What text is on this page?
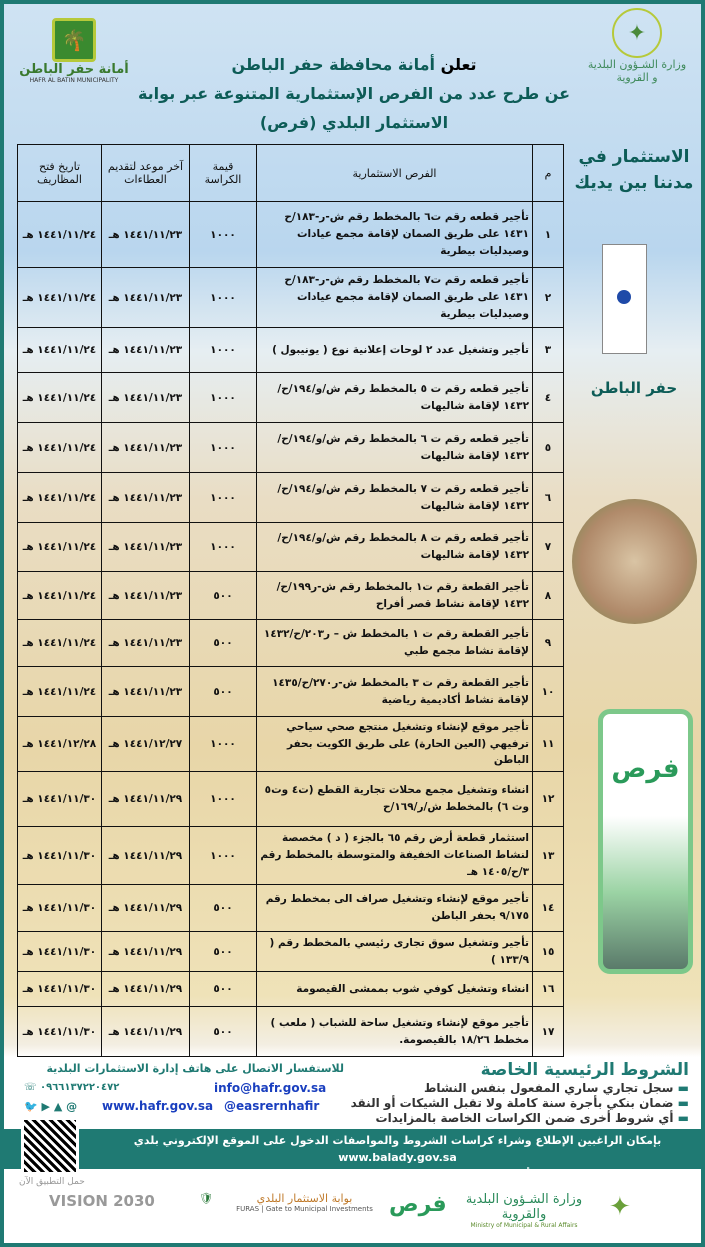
🌴
أمانة حفر الباطن
HAFR AL BATIN MUNICIPALITY
✦
وزارة الشـؤون البلدية و القروية
تعلن أمانة محافظة حفر الباطن
عن طرح عدد من الفرص الإستثمارية المتنوعة عبر بوابة
الاستثمار البلدي (فرص)
م	الفرص الاستثمارية	قيمة الكراسة	آخر موعد لتقديم العطاءات	تاريخ فتح المظاريف
١	تأجير قطعه رقم ت٦ بالمخطط رقم ش-ر-١٨٣/ح ١٤٣١ على طريق الصمان لإقامة مجمع عيادات وصيدليات بيطرية	١٠٠٠	١٤٤١/١١/٢٣ هـ	١٤٤١/١١/٢٤ هـ
٢	تأجير قطعه رقم ت٧ بالمخطط رقم ش-ر-١٨٣/ح ١٤٣١ على طريق الصمان لإقامة مجمع عيادات وصيدليات بيطرية	١٠٠٠	١٤٤١/١١/٢٣ هـ	١٤٤١/١١/٢٤ هـ
٣	تأجير وتشغيل عدد ٢ لوحات إعلانية نوع ( يونيبول )	١٠٠٠	١٤٤١/١١/٢٣ هـ	١٤٤١/١١/٢٤ هـ
٤	تأجير قطعه رقم ت ٥ بالمخطط رقم ش/و/١٩٤/ح/١٤٣٢ لإقامة شاليهات	١٠٠٠	١٤٤١/١١/٢٣ هـ	١٤٤١/١١/٢٤ هـ
٥	تأجير قطعه رقم ت ٦ بالمخطط رقم ش/و/١٩٤/ح/١٤٣٢ لإقامة شاليهات	١٠٠٠	١٤٤١/١١/٢٣ هـ	١٤٤١/١١/٢٤ هـ
٦	تأجير قطعه رقم ت ٧ بالمخطط رقم ش/و/١٩٤/ح/١٤٣٢ لإقامة شاليهات	١٠٠٠	١٤٤١/١١/٢٣ هـ	١٤٤١/١١/٢٤ هـ
٧	تأجير قطعه رقم ت ٨ بالمخطط رقم ش/و/١٩٤/ح/١٤٣٢ لإقامة شاليهات	١٠٠٠	١٤٤١/١١/٢٣ هـ	١٤٤١/١١/٢٤ هـ
٨	تأجير القطعة رقم ت١ بالمخطط رقم ش-ر١٩٩/ح/١٤٣٢ لإقامة نشاط قصر أفراح	٥٠٠	١٤٤١/١١/٢٣ هـ	١٤٤١/١١/٢٤ هـ
٩	تأجير القطعة رقم ت ١ بالمخطط ش – ر٢٠٣/ح/١٤٣٢ لإقامة نشاط مجمع طبي	٥٠٠	١٤٤١/١١/٢٣ هـ	١٤٤١/١١/٢٤ هـ
١٠	تأجير القطعة رقم ت ٣ بالمخطط ش-ر٢٧٠/ح/١٤٣٥ لإقامة نشاط أكاديمية رياضية	٥٠٠	١٤٤١/١١/٢٣ هـ	١٤٤١/١١/٢٤ هـ
١١	تأجير موقع لإنشاء وتشغيل منتجع صحي سياحي ترفيهي (العين الحارة) على طريق الكويت بحفر الباطن	١٠٠٠	١٤٤١/١٢/٢٧ هـ	١٤٤١/١٢/٢٨ هـ
١٢	انشاء وتشغيل مجمع محلات تجارية القطع (ت٤ وت٥ وت ٦) بالمخطط ش/ر/١٦٩/ح	١٠٠٠	١٤٤١/١١/٢٩ هـ	١٤٤١/١١/٣٠ هـ
١٣	استثمار قطعة أرض رقم ٦٥ بالجزء ( د ) مخصصة لنشاط الصناعات الخفيفة والمتوسطة بالمخطط رقم ٣/ح/١٤٠٥ هـ	١٠٠٠	١٤٤١/١١/٢٩ هـ	١٤٤١/١١/٣٠ هـ
١٤	تأجير موقع لإنشاء وتشغيل صراف الى بمخطط رقم ٩/١٧٥ بحفر الباطن	٥٠٠	١٤٤١/١١/٢٩ هـ	١٤٤١/١١/٣٠ هـ
١٥	تأجير وتشغيل سوق تجارى رئيسي بالمخطط رقم ( ١٣٣/٩ )	٥٠٠	١٤٤١/١١/٢٩ هـ	١٤٤١/١١/٣٠ هـ
١٦	انشاء وتشغيل كوفي شوب بممشى القيصومة	٥٠٠	١٤٤١/١١/٢٩ هـ	١٤٤١/١١/٣٠ هـ
١٧	تأجير موقع لإنشاء وتشغيل ساحة للشباب ( ملعب ) مخطط ١٨/٢٦ بالقيصومة.	٥٠٠	١٤٤١/١١/٢٩ هـ	١٤٤١/١١/٣٠ هـ
الاستثمار في
مدننا بين يديك
حفر الباطن
فرص
الشروط الرئيسية الخاصة
▬ سجل تجاري ساري المفعول بنفس النشاط
▬ ضمان بنكي بأجرة سنة كاملة ولا تقبل الشيكات أو النقد
▬ أي شروط أخرى ضمن الكراسات الخاصة بالمزايدات
للاستفسار الاتصال على هاتف إدارة الاستثمارات البلدية
☏ ٠٩٦٦١٣٧٢٢٠٤٧٢
🐦 ▶ ▲ @
info@hafr.gov.sa
www.hafr.gov.sa @easrernhafir
بإمكان الراغبين الإطلاع وشراء كراسات الشروط والمواصفات الدخول على الموقع الإلكتروني بلدي www.balady.gov.sa
أو من خلال تحميل «بوابة الاستثمار البلدي فرص»
حمل التطبيق الآن
VISION 2030	🛡	بوابة الاستثمار البلدي
FURAS | Gate to Municipal Investments فرص	وزارة الشـؤون البلدية والقروية
Ministry of Municipal & Rural Affairs
✦
